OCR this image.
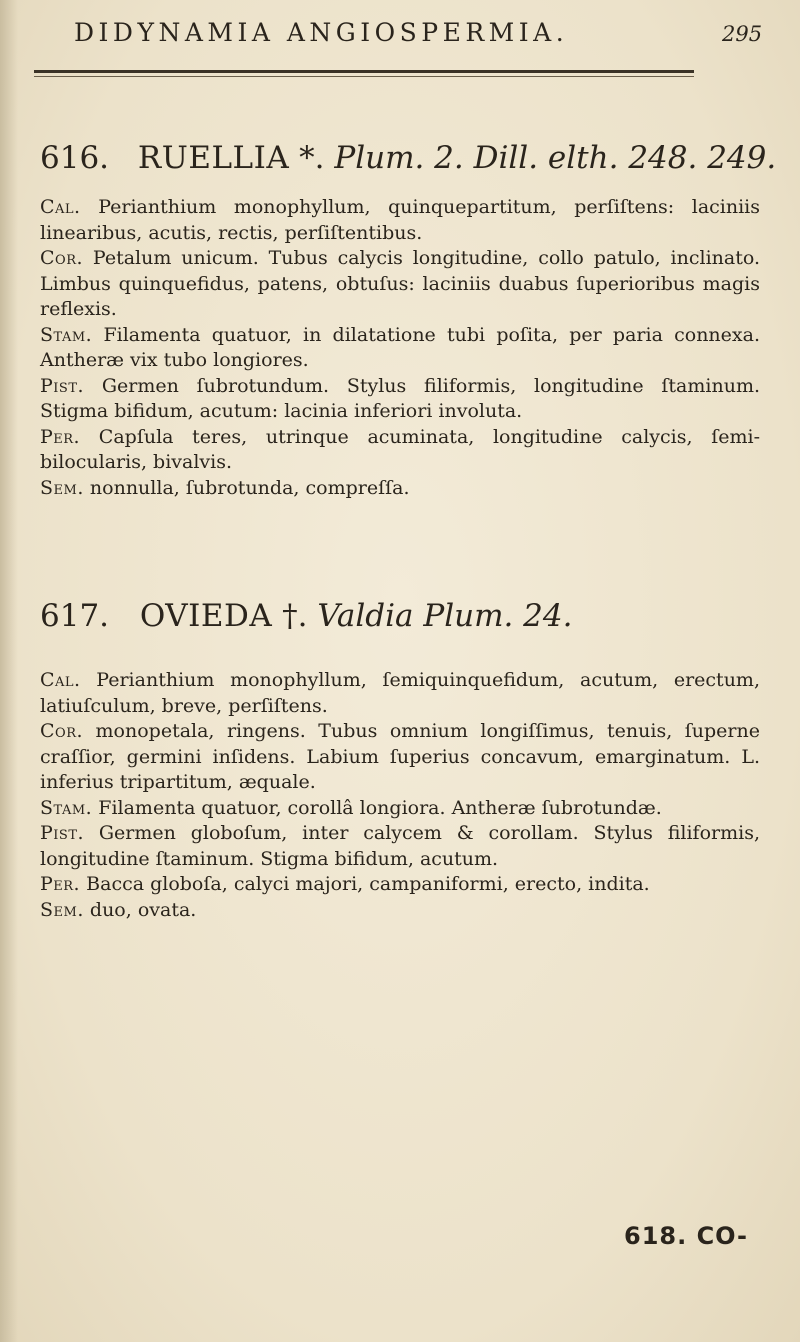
DIDYNAMIA ANGIOSPERMIA.	295
616. RUELLIA *. Plum. 2. Dill. elth. 248. 249.
Cal. Perianthium monophyllum, quinquepartitum, perſiſtens: laciniis linearibus, acutis, rectis, perſiſtentibus.
Cor. Petalum unicum. Tubus calycis longitudine, collo patulo, inclinato. Limbus quinquefidus, patens, obtuſus: laciniis duabus ſuperioribus magis reflexis.
Stam. Filamenta quatuor, in dilatatione tubi poſita, per paria connexa. Antheræ vix tubo longiores.
Pist. Germen ſubrotundum. Stylus filiformis, longitudine ſtaminum. Stigma bifidum, acutum: lacinia inferiori involuta.
Per. Capſula teres, utrinque acuminata, longitudine calycis, ſemi-bilocularis, bivalvis.
Sem. nonnulla, ſubrotunda, compreſſa.
617. OVIEDA †. Valdia Plum. 24.
Cal. Perianthium monophyllum, ſemiquinquefidum, acutum, erectum, latiuſculum, breve, perſiſtens.
Cor. monopetala, ringens. Tubus omnium longiſſimus, tenuis, ſuperne craſſior, germini inſidens. Labium ſuperius concavum, emarginatum. L. inferius tripartitum, æquale.
Stam. Filamenta quatuor, corollâ longiora. Antheræ ſubrotundæ.
Pist. Germen globoſum, inter calycem & corollam. Stylus filiformis, longitudine ſtaminum. Stigma bifidum, acutum.
Per. Bacca globoſa, calyci majori, campaniformi, erecto, indita.
Sem. duo, ovata.
618. CO-
